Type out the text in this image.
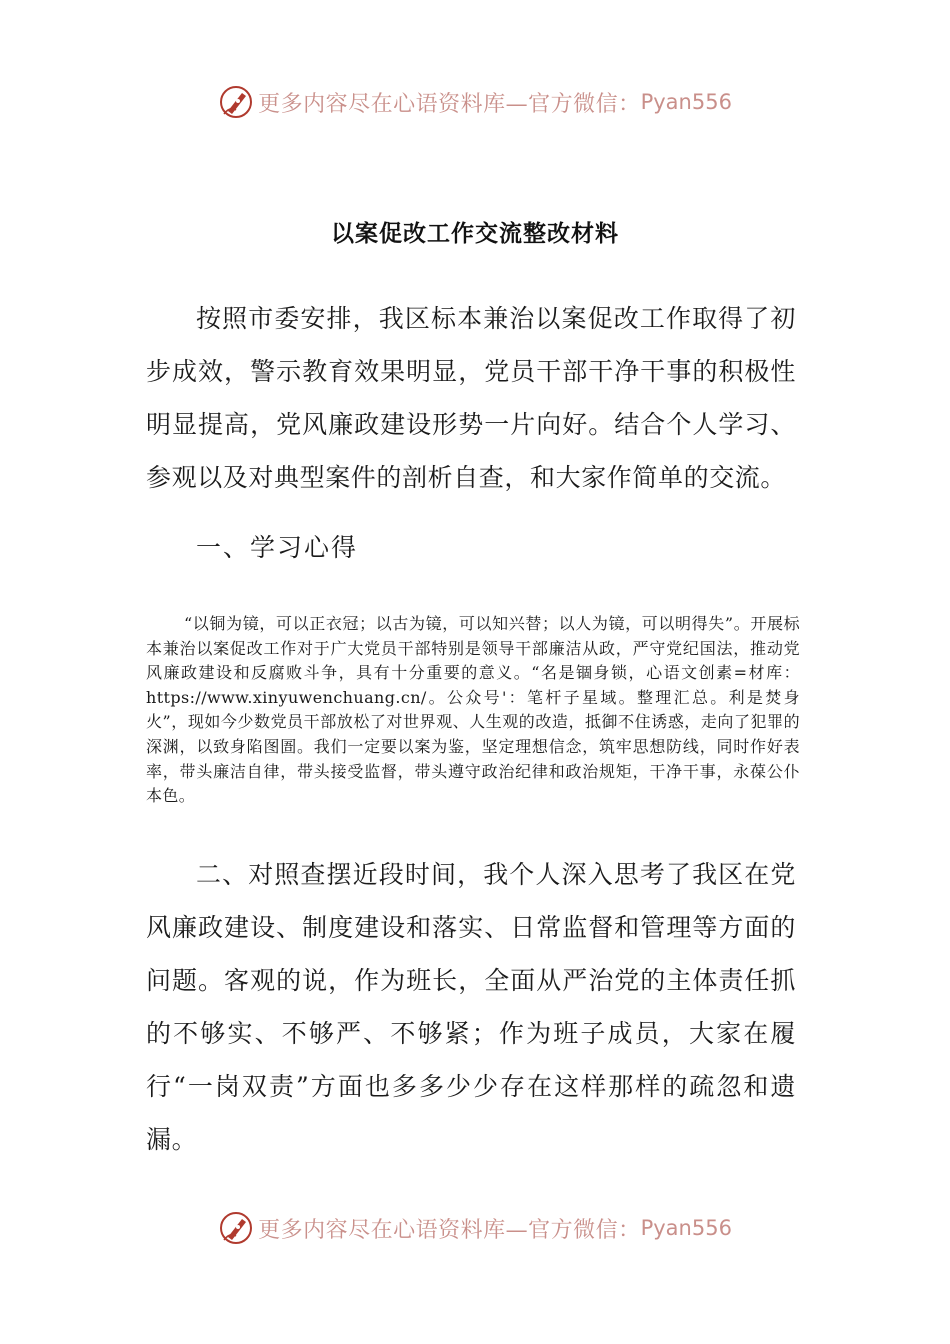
更多内容尽在心语资料库—官方微信： Pyan556
以案促改工作交流整改材料

按照市委安排，我区标本兼治以案促改工作取得了初步成效，警示教育效果明显，党员干部干净干事的积极性明显提高，党风廉政建设形势一片向好。结合个人学习、参观以及对典型案件的剖析自查，和大家作简单的交流。

一、学习心得

“以铜为镜，可以正衣冠；以古为镜，可以知兴替；以人为镜，可以明得失”。开展标本兼治以案促改工作对于广大党员干部特别是领导干部廉洁从政，严守党纪国法，推动党风廉政建设和反腐败斗争，具有十分重要的意义。“名是锢身锁，心语文创素=材库：https://www.xinyuwenchuang.cn/。公众号'：笔杆子星域。整理汇总。利是焚身火”，现如今少数党员干部放松了对世界观、人生观的改造，抵御不住诱惑，走向了犯罪的深渊，以致身陷图圄。我们一定要以案为鉴，坚定理想信念，筑牢思想防线，同时作好表率，带头廉洁自律，带头接受监督，带头遵守政治纪律和政治规矩，干净干事，永葆公仆本色。

二、对照查摆近段时间，我个人深入思考了我区在党风廉政建设、制度建设和落实、日常监督和管理等方面的问题。客观的说，作为班长，全面从严治党的主体责任抓的不够实、不够严、不够紧；作为班子成员，大家在履行“一岗双责”方面也多多少少存在这样那样的疏忽和遗漏。

更多内容尽在心语资料库—官方微信： Pyan556
